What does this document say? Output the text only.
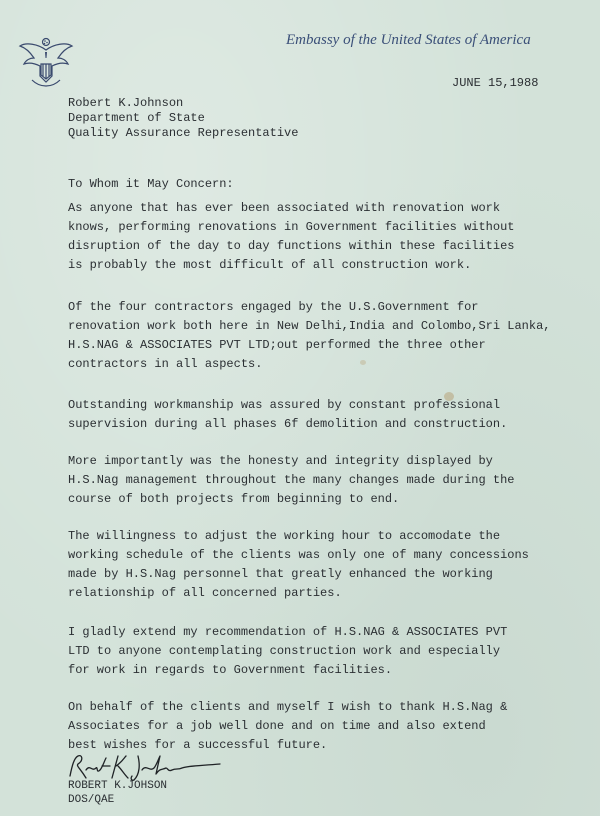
Embassy of the United States of America
JUNE 15,1988
Robert K.Johnson
Department of State
Quality Assurance Representative
To Whom it May Concern:
As anyone that has ever been associated with renovation work
knows, performing renovations in Government facilities without
disruption of the day to day functions within these facilities
is probably the most difficult of all construction work.
Of the four contractors engaged by the U.S.Government for
renovation work both here in New Delhi,India and Colombo,Sri Lanka,
H.S.NAG & ASSOCIATES PVT LTD;out performed the three other
contractors in all aspects.
Outstanding workmanship was assured by constant professional
supervision during all phases 6f demolition and construction.
More importantly was the honesty and integrity displayed by
H.S.Nag management throughout the many changes made during the
course of both projects from beginning to end.
The willingness to adjust the working hour to accomodate the
working schedule of the clients was only one of many concessions
made by H.S.Nag personnel that greatly enhanced the working
relationship of all concerned parties.
I gladly extend my recommendation of H.S.NAG & ASSOCIATES PVT
LTD to anyone contemplating construction work and especially
for work in regards to Government facilities.
On behalf of the clients and myself I wish to thank H.S.Nag &
Associates for a job well done and on time and also extend
best wishes for a successful future.
ROBERT K.JOHSON
DOS/QAE
